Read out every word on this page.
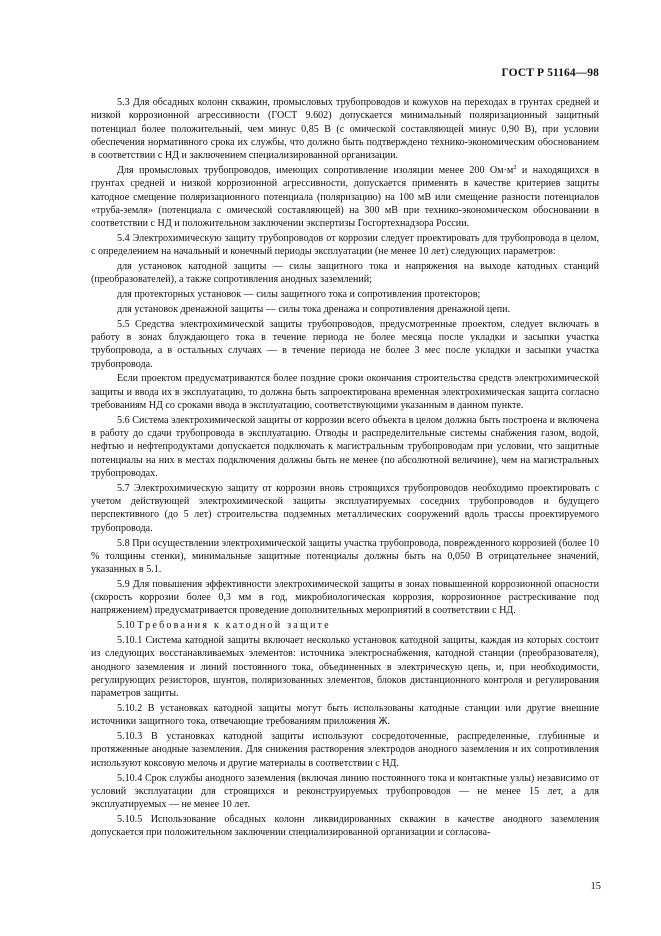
ГОСТ Р 51164—98

5.3 Для обсадных колонн скважин, промысловых трубопроводов и кожухов на переходах в грунтах средней и низкой коррозионной агрессивности (ГОСТ 9.602) допускается минимальный поляризационный защитный потенциал более положительный, чем минус 0,85 В (с омической составляющей минус 0,90 В), при условии обеспечения нормативного срока их службы, что должно быть подтверждено технико-экономическим обоснованием в соответствии с НД и заключением специализированной организации.

Для промысловых трубопроводов, имеющих сопротивление изоляции менее 200 $Ом\cdot м^2$ и находящихся в грунтах средней и низкой коррозионной агрессивности, допускается применять в качестве критериев защиты катодное смещение поляризационного потенциала (поляризацию) на 100 мВ или смещение разности потенциалов «труба-земля» (потенциала с омической составляющей) на 300 мВ при технико-экономическом обосновании в соответствии с НД и положительном заключении экспертизы Госгортехнадзора России.

5.4 Электрохимическую защиту трубопроводов от коррозии следует проектировать для трубопровода в целом, с определением на начальный и конечный периоды эксплуатации (не менее 10 лет) следующих параметров:

для установок катодной защиты — силы защитного тока и напряжения на выходе катодных станций (преобразователей), а также сопротивления анодных заземлений;

для протекторных установок — силы защитного тока и сопротивления протекторов;

для установок дренажной защиты — силы тока дренажа и сопротивления дренажной цепи.

5.5 Средства электрохимической защиты трубопроводов, предусмотренные проектом, следует включать в работу в зонах блуждающего тока в течение периода не более месяца после укладки и засыпки участка трубопровода, а в остальных случаях — в течение периода не более 3 мес после укладки и засыпки участка трубопровода.

Если проектом предусматриваются более поздние сроки окончания строительства средств электрохимической защиты и ввода их в эксплуатацию, то должна быть запроектирована временная электрохимическая защита согласно требованиям НД со сроками ввода в эксплуатацию, соответствующими указанным в данном пункте.

5.6 Система электрохимической защиты от коррозии всего объекта в целом должна быть построена и включена в работу до сдачи трубопровода в эксплуатацию. Отводы и распределительные системы снабжения газом, водой, нефтью и нефтепродуктами допускается подключать к магистральным трубопроводам при условии, что защитные потенциалы на них в местах подключения должны быть не менее (по абсолютной величине), чем на магистральных трубопроводах.

5.7 Электрохимическую защиту от коррозии вновь строящихся трубопроводов необходимо проектировать с учетом действующей электрохимической защиты эксплуатируемых соседних трубопроводов и будущего перспективного (до 5 лет) строительства подземных металлических сооружений вдоль трассы проектируемого трубопровода.

5.8 При осуществлении электрохимической защиты участка трубопровода, поврежденного коррозией (более 10 % толщины стенки), минимальные защитные потенциалы должны быть на 0,050 В отрицательнее значений, указанных в 5.1.

5.9 Для повышения эффективности электрохимической защиты в зонах повышенной коррозионной опасности (скорость коррозии более 0,3 мм в год, микробиологическая коррозия, коррозионное растрескивание под напряжением) предусматривается проведение дополнительных мероприятий в соответствии с НД.

5.10 Требования к катодной защите

5.10.1 Система катодной защиты включает несколько установок катодной защиты, каждая из которых состоит из следующих восстанавливаемых элементов: источника электроснабжения, катодной станции (преобразователя), анодного заземления и линий постоянного тока, объединенных в электрическую цепь, и, при необходимости, регулирующих резисторов, шунтов, поляризованных элементов, блоков дистанционного контроля и регулирования параметров защиты.

5.10.2 В установках катодной защиты могут быть использованы катодные станции или другие внешние источники защитного тока, отвечающие требованиям приложения Ж.

5.10.3 В установках катодной защиты используют сосредоточенные, распределенные, глубинные и протяженные анодные заземления. Для снижения растворения электродов анодного заземления и их сопротивления используют коксовую мелочь и другие материалы в соответствии с НД.

5.10.4 Срок службы анодного заземления (включая линию постоянного тока и контактные узлы) независимо от условий эксплуатации для строящихся и реконструируемых трубопроводов — не менее 15 лет, а для эксплуатируемых — не менее 10 лет.

5.10.5 Использование обсадных колонн ликвидированных скважин в качестве анодного заземления допускается при положительном заключении специализированной организации и согласова-

15
